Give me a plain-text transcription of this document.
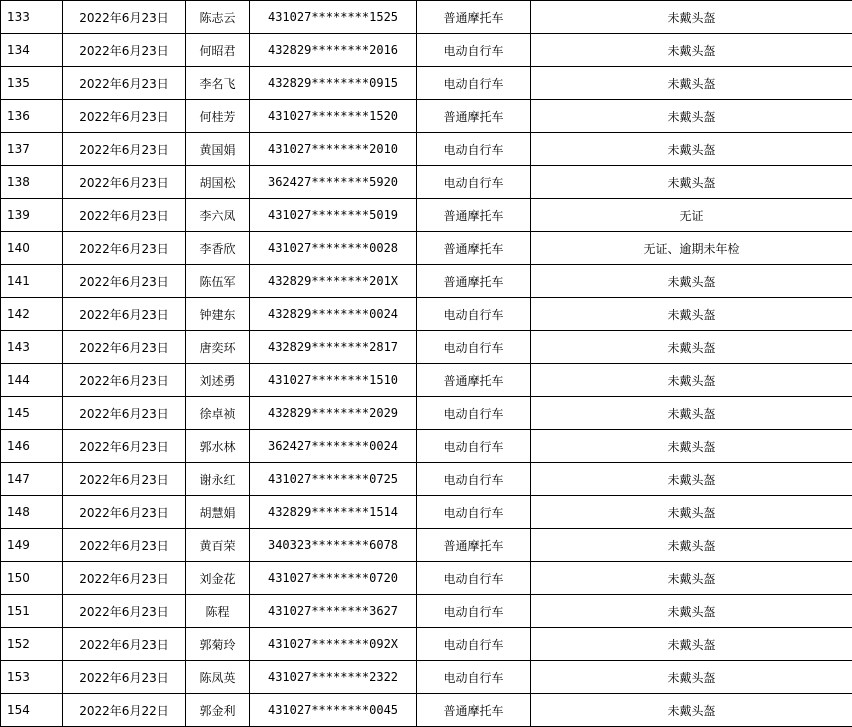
133	2022年6月23日	陈志云	431027********1525	普通摩托车	未戴头盔
134	2022年6月23日	何昭君	432829********2016	电动自行车	未戴头盔
135	2022年6月23日	李名飞	432829********0915	电动自行车	未戴头盔
136	2022年6月23日	何桂芳	431027********1520	普通摩托车	未戴头盔
137	2022年6月23日	黄国娟	431027********2010	电动自行车	未戴头盔
138	2022年6月23日	胡国松	362427********5920	电动自行车	未戴头盔
139	2022年6月23日	李六凤	431027********5019	普通摩托车	无证
140	2022年6月23日	李香欣	431027********0028	普通摩托车	无证、逾期未年检
141	2022年6月23日	陈伍军	432829********201X	普通摩托车	未戴头盔
142	2022年6月23日	钟建东	432829********0024	电动自行车	未戴头盔
143	2022年6月23日	唐奕环	432829********2817	电动自行车	未戴头盔
144	2022年6月23日	刘述勇	431027********1510	普通摩托车	未戴头盔
145	2022年6月23日	徐卓祯	432829********2029	电动自行车	未戴头盔
146	2022年6月23日	郭水林	362427********0024	电动自行车	未戴头盔
147	2022年6月23日	谢永红	431027********0725	电动自行车	未戴头盔
148	2022年6月23日	胡慧娟	432829********1514	电动自行车	未戴头盔
149	2022年6月23日	黄百荣	340323********6078	普通摩托车	未戴头盔
150	2022年6月23日	刘金花	431027********0720	电动自行车	未戴头盔
151	2022年6月23日	陈程	431027********3627	电动自行车	未戴头盔
152	2022年6月23日	郭菊玲	431027********092X	电动自行车	未戴头盔
153	2022年6月23日	陈凤英	431027********2322	电动自行车	未戴头盔
154	2022年6月22日	郭金利	431027********0045	普通摩托车	未戴头盔
